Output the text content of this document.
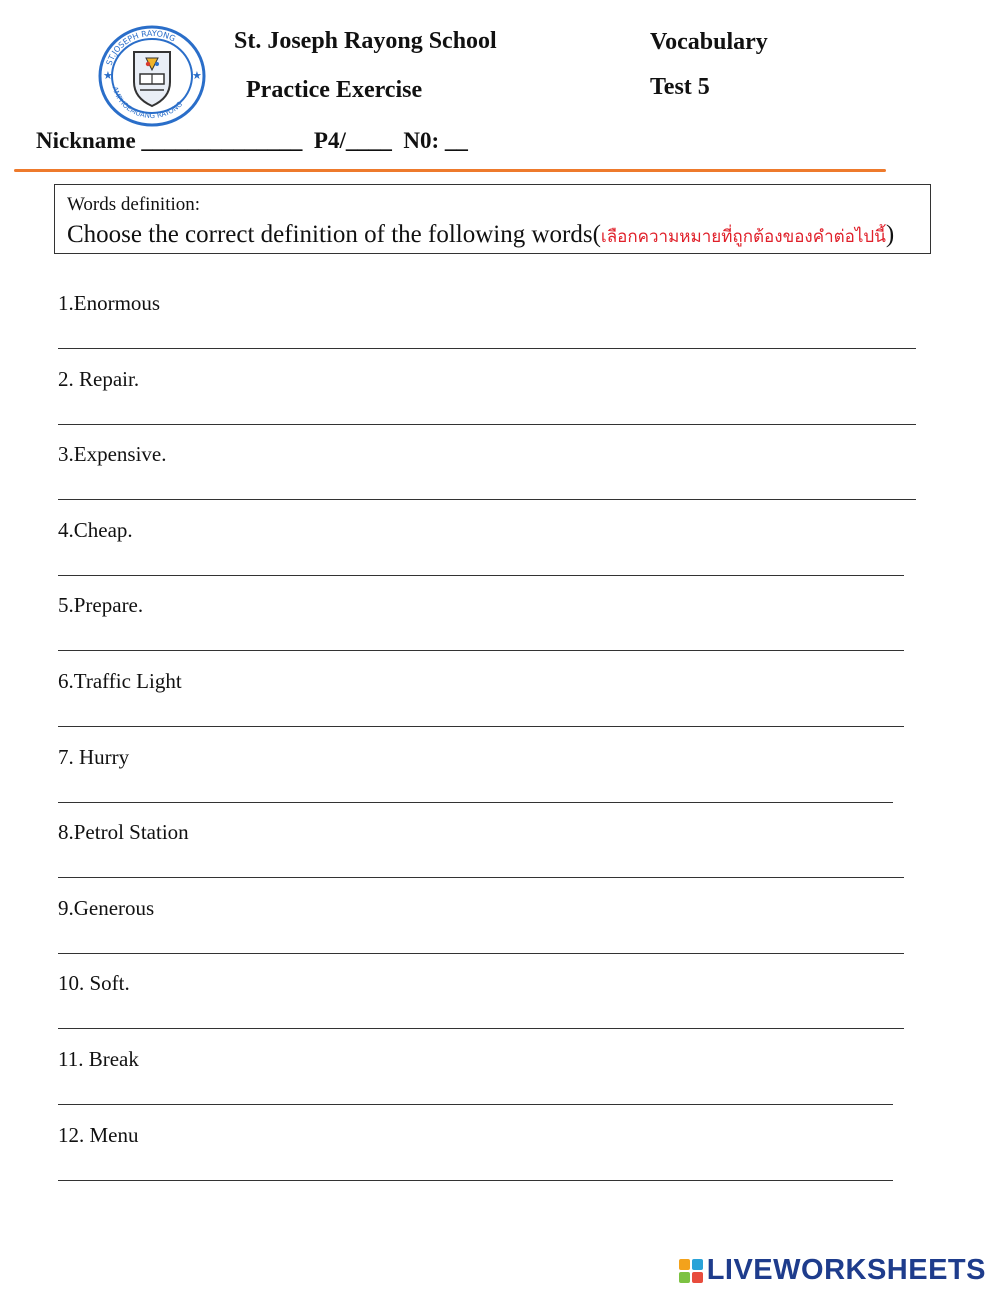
ST.JOSEPH RAYONG
AMPHOEMUANG RAYONG
★	★
St. Joseph Rayong School
Practice Exercise
Vocabulary
Test 5
Nickname ______________  P4/____  N0: __
Words definition:
Choose the correct definition of the following words(เลือกความหมายที่ถูกต้องของคำต่อไปนี้)
1.Enormous
2. Repair.
3.Expensive.
4.Cheap.
5.Prepare.
6.Traffic Light
7. Hurry
8.Petrol Station
9.Generous
10. Soft.
11. Break
12. Menu
LIVEWORKSHEETS
